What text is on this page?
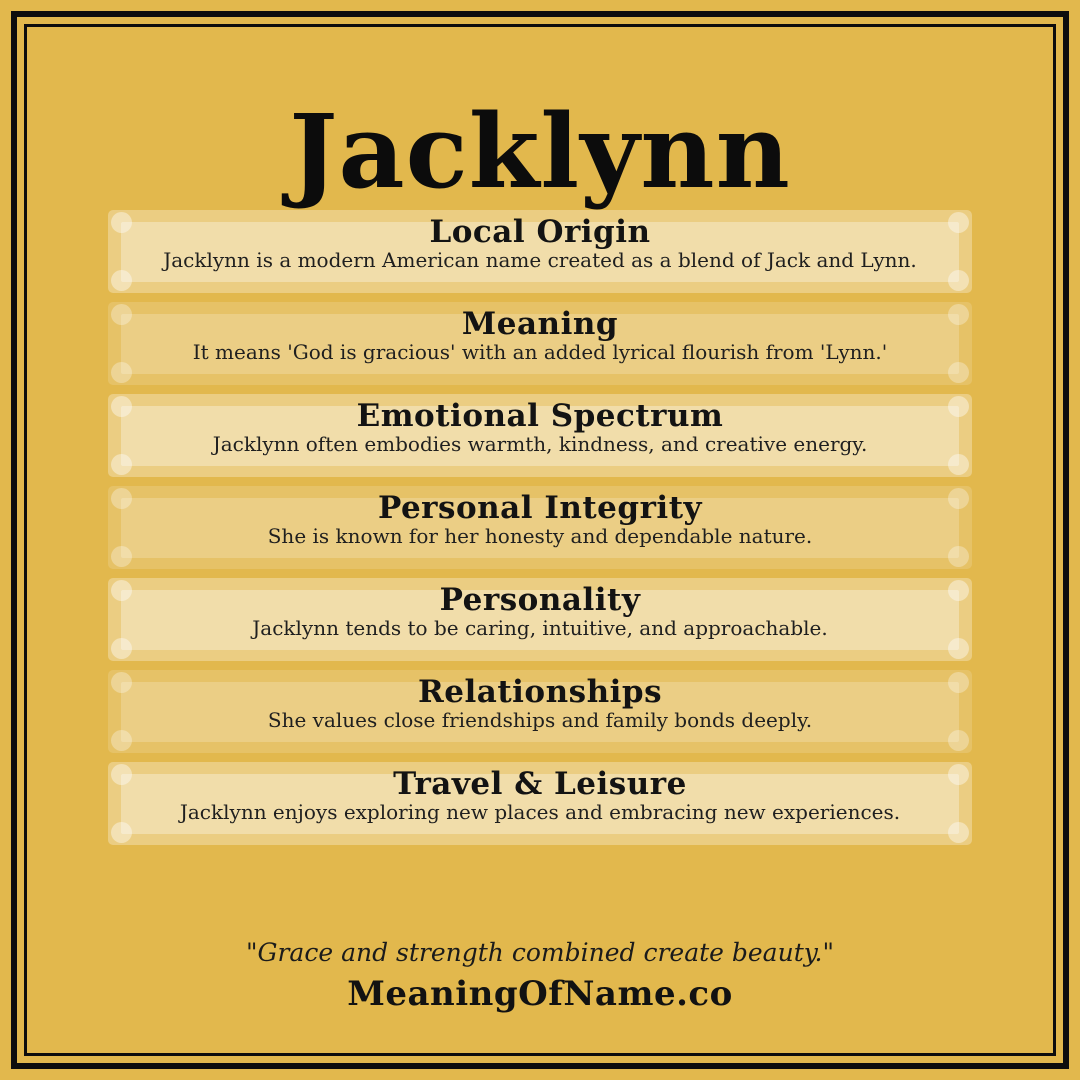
Jacklynn
Local Origin

Jacklynn is a modern American name created as a blend of Jack and Lynn.

Meaning

It means 'God is gracious' with an added lyrical flourish from 'Lynn.'

Emotional Spectrum

Jacklynn often embodies warmth, kindness, and creative energy.

Personal Integrity

She is known for her honesty and dependable nature.

Personality

Jacklynn tends to be caring, intuitive, and approachable.

Relationships

She values close friendships and family bonds deeply.

Travel & Leisure

Jacklynn enjoys exploring new places and embracing new experiences.

"Grace and strength combined create beauty."
MeaningOfName.co
